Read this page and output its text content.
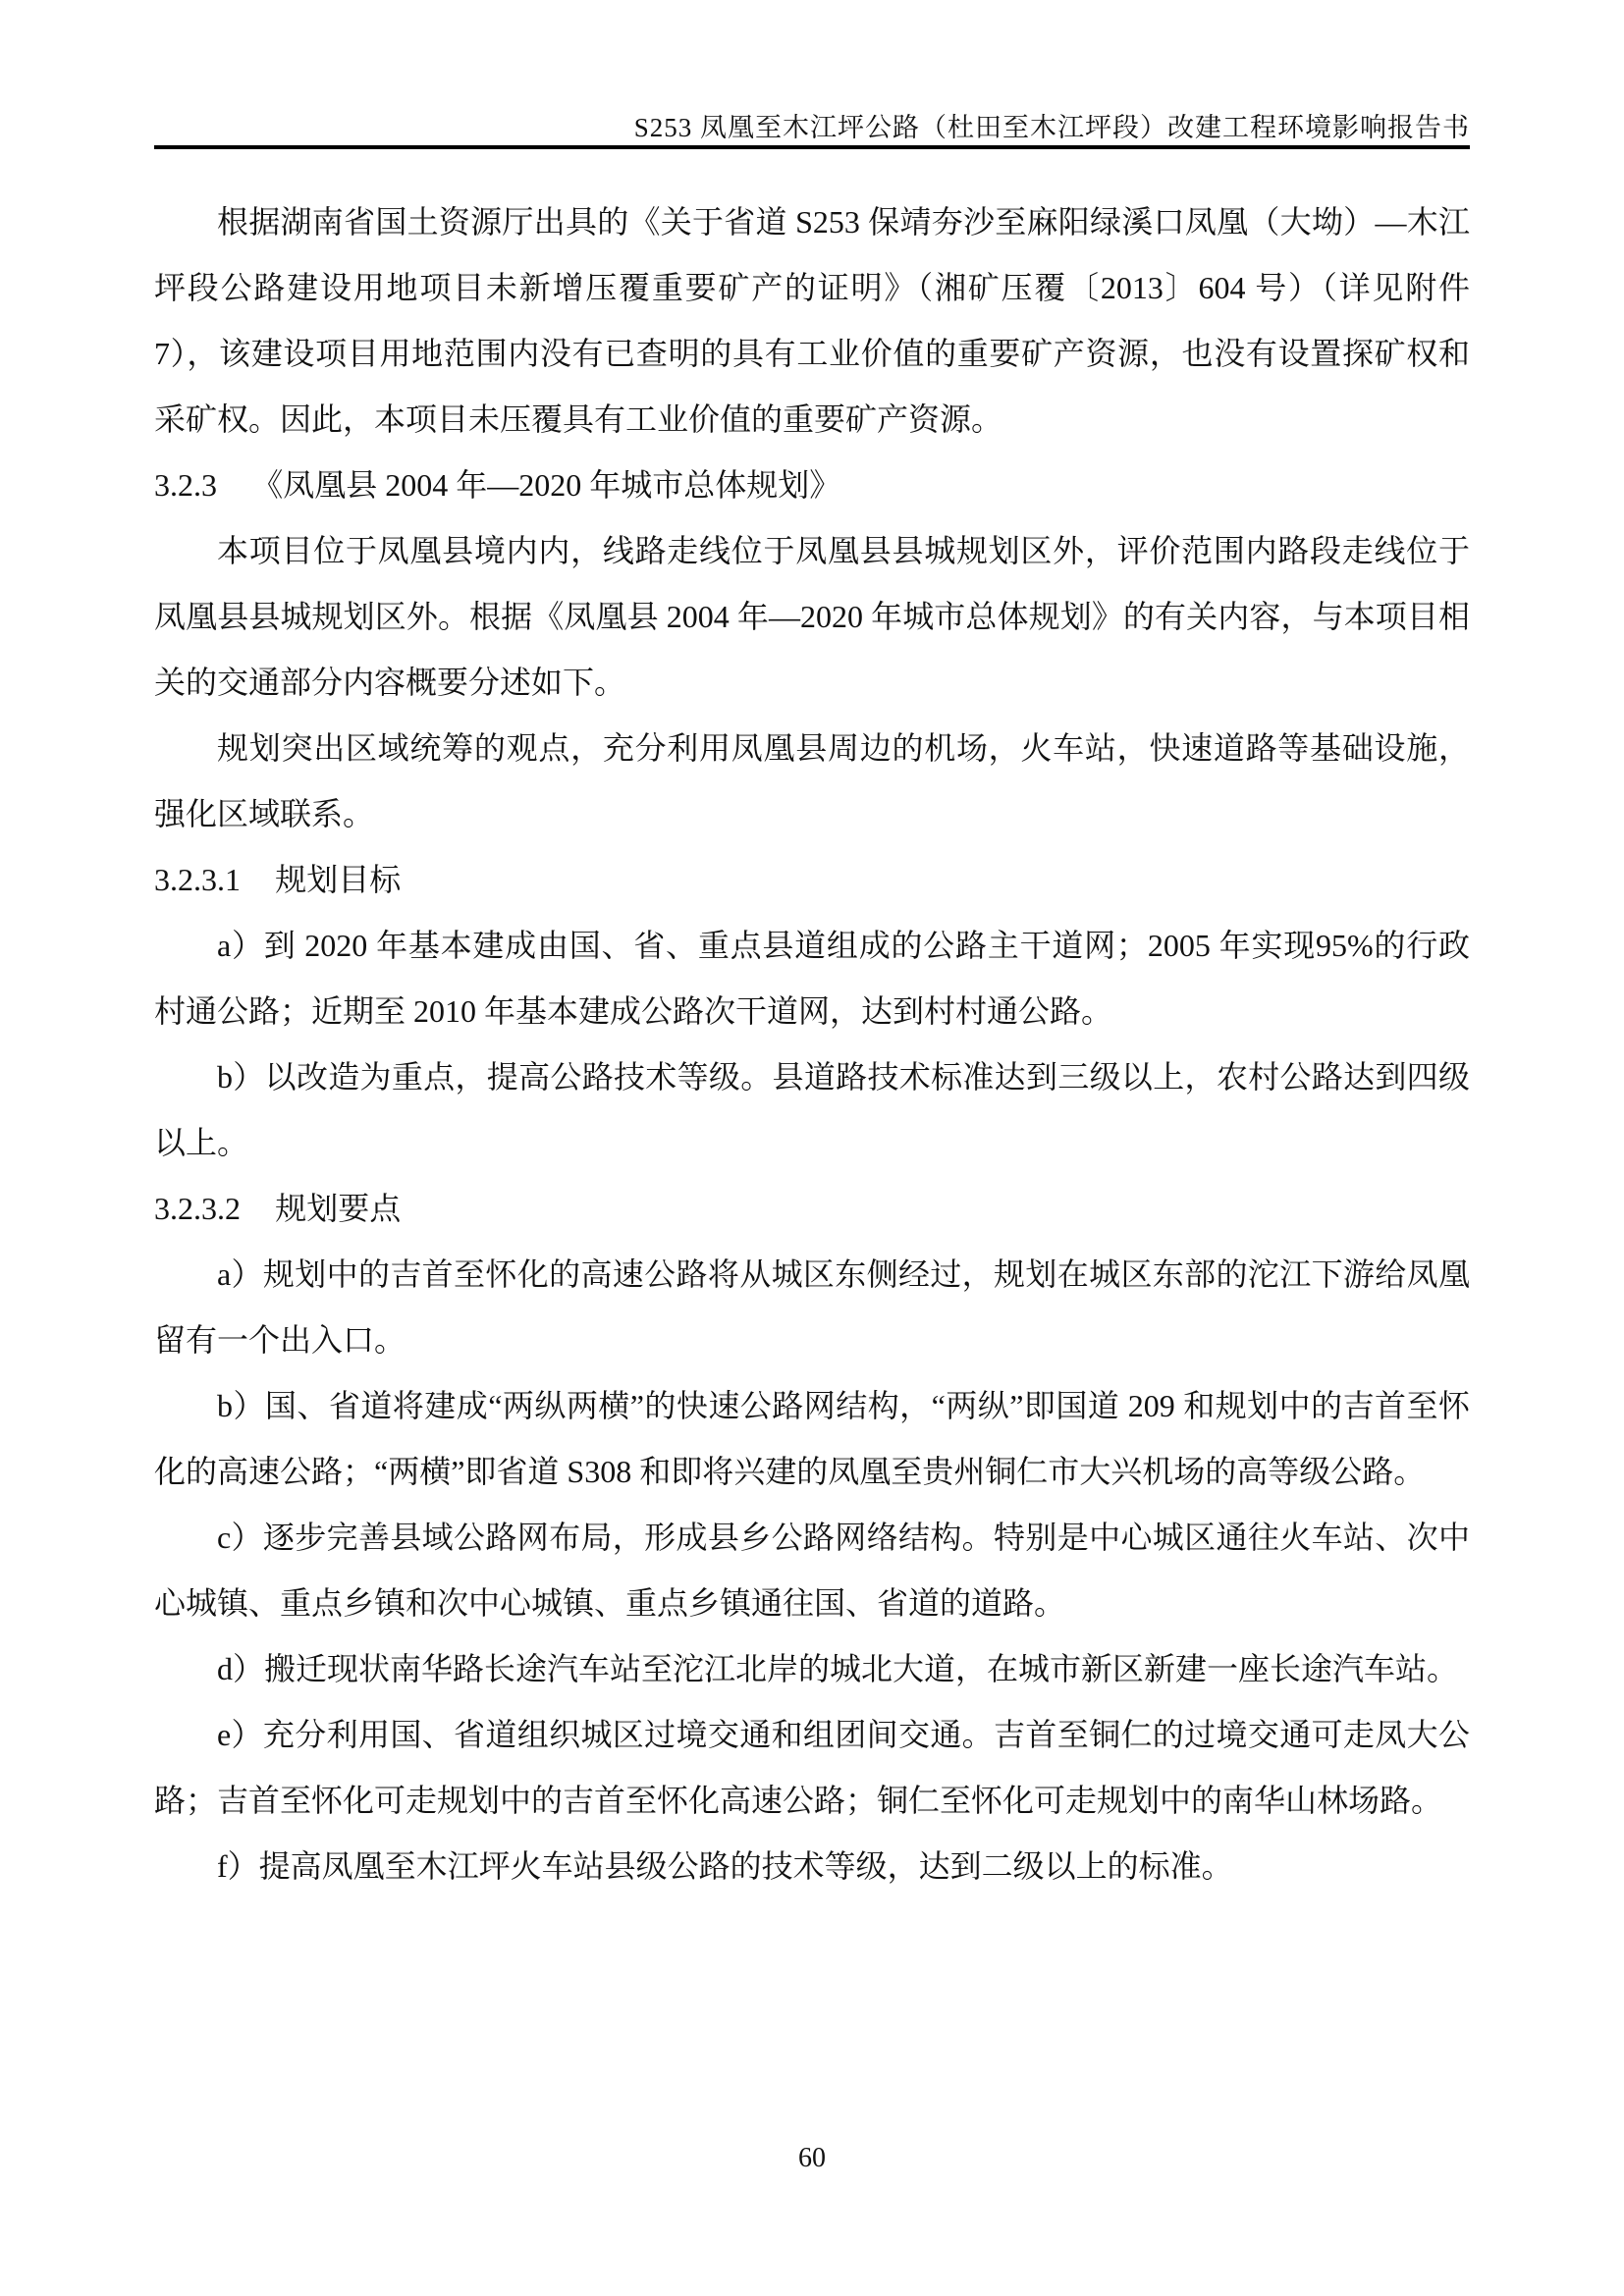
S253 凤凰至木江坪公路（杜田至木江坪段）改建工程环境影响报告书

根据湖南省国土资源厅出具的《关于省道 S253 保靖夯沙至麻阳绿溪口凤凰（大坳）—木江坪段公路建设用地项目未新增压覆重要矿产的证明》（湘矿压覆〔2013〕604 号）（详见附件 7），该建设项目用地范围内没有已查明的具有工业价值的重要矿产资源，也没有设置探矿权和采矿权。因此，本项目未压覆具有工业价值的重要矿产资源。

3.2.3 《凤凰县 2004 年—2020 年城市总体规划》

本项目位于凤凰县境内内，线路走线位于凤凰县县城规划区外，评价范围内路段走线位于凤凰县县城规划区外。根据《凤凰县 2004 年—2020 年城市总体规划》的有关内容，与本项目相关的交通部分内容概要分述如下。

规划突出区域统筹的观点，充分利用凤凰县周边的机场，火车站，快速道路等基础设施，强化区域联系。

3.2.3.1 规划目标

a）到 2020 年基本建成由国、省、重点县道组成的公路主干道网；2005 年实现95%的行政村通公路；近期至 2010 年基本建成公路次干道网，达到村村通公路。

b）以改造为重点，提高公路技术等级。县道路技术标准达到三级以上，农村公路达到四级以上。

3.2.3.2 规划要点

a）规划中的吉首至怀化的高速公路将从城区东侧经过，规划在城区东部的沱江下游给凤凰留有一个出入口。

b）国、省道将建成“两纵两横”的快速公路网结构，“两纵”即国道 209 和规划中的吉首至怀化的高速公路；“两横”即省道 S308 和即将兴建的凤凰至贵州铜仁市大兴机场的高等级公路。

c）逐步完善县域公路网布局，形成县乡公路网络结构。特别是中心城区通往火车站、次中心城镇、重点乡镇和次中心城镇、重点乡镇通往国、省道的道路。

d）搬迁现状南华路长途汽车站至沱江北岸的城北大道，在城市新区新建一座长途汽车站。

e）充分利用国、省道组织城区过境交通和组团间交通。吉首至铜仁的过境交通可走凤大公路；吉首至怀化可走规划中的吉首至怀化高速公路；铜仁至怀化可走规划中的南华山林场路。

f）提高凤凰至木江坪火车站县级公路的技术等级，达到二级以上的标准。

60
